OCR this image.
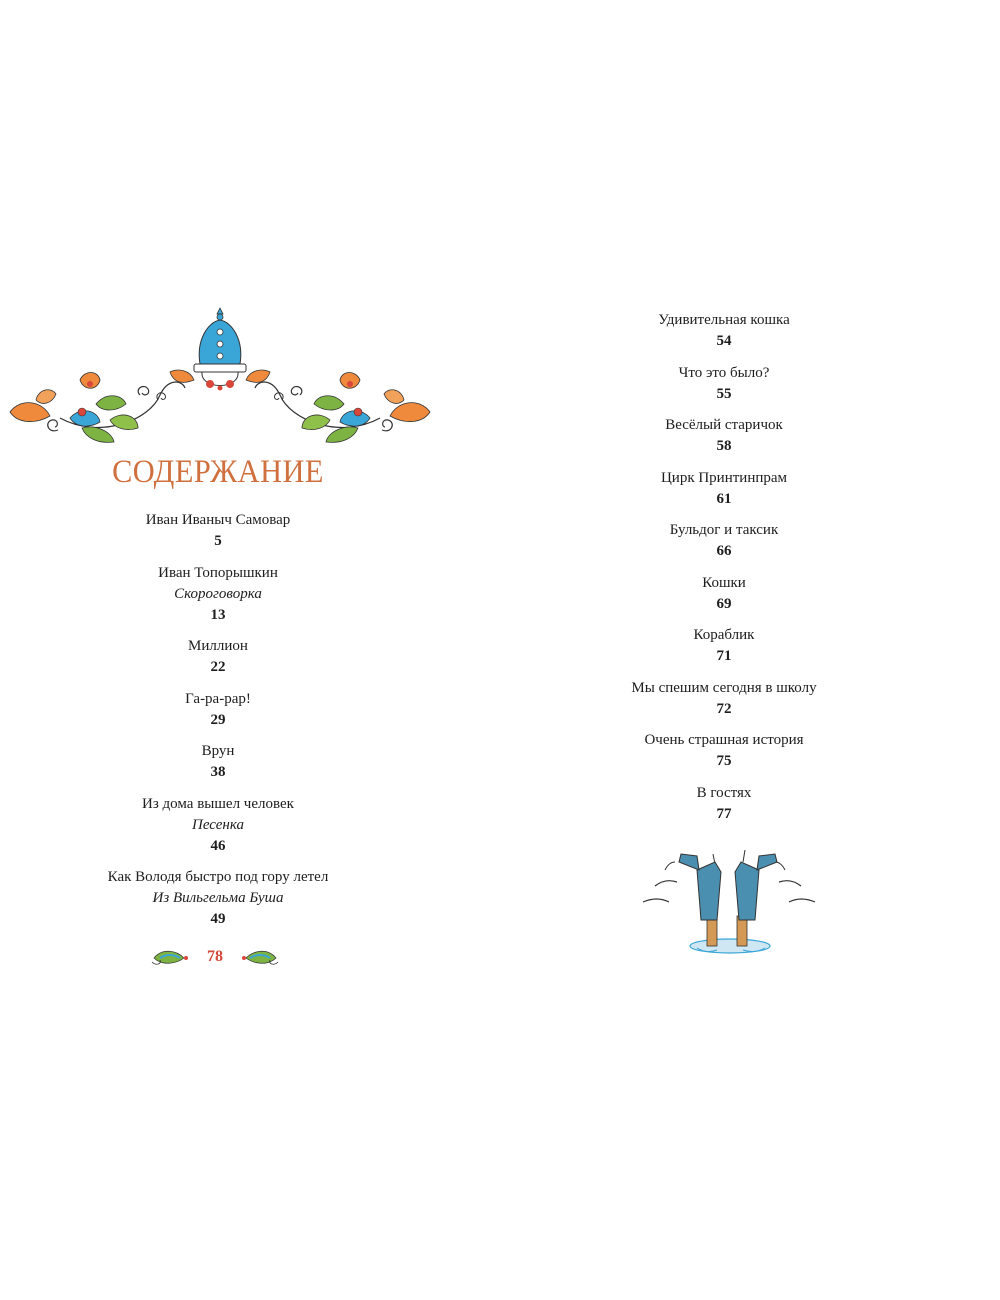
СОДЕРЖАНИЕ
Иван Иваныч Самовар
5
Иван Топорышкин
Скороговорка
13
Миллион
22
Га-ра-рар!
29
Врун
38
Из дома вышел человек
Песенка
46
Как Володя быстро под гору летел
Из Вильгельма Буша
49
78
Удивительная кошка
54
Что это было?
55
Весёлый старичок
58
Цирк Принтинпрам
61
Бульдог и таксик
66
Кошки
69
Кораблик
71
Мы спешим сегодня в школу
72
Очень страшная история
75
В гостях
77
